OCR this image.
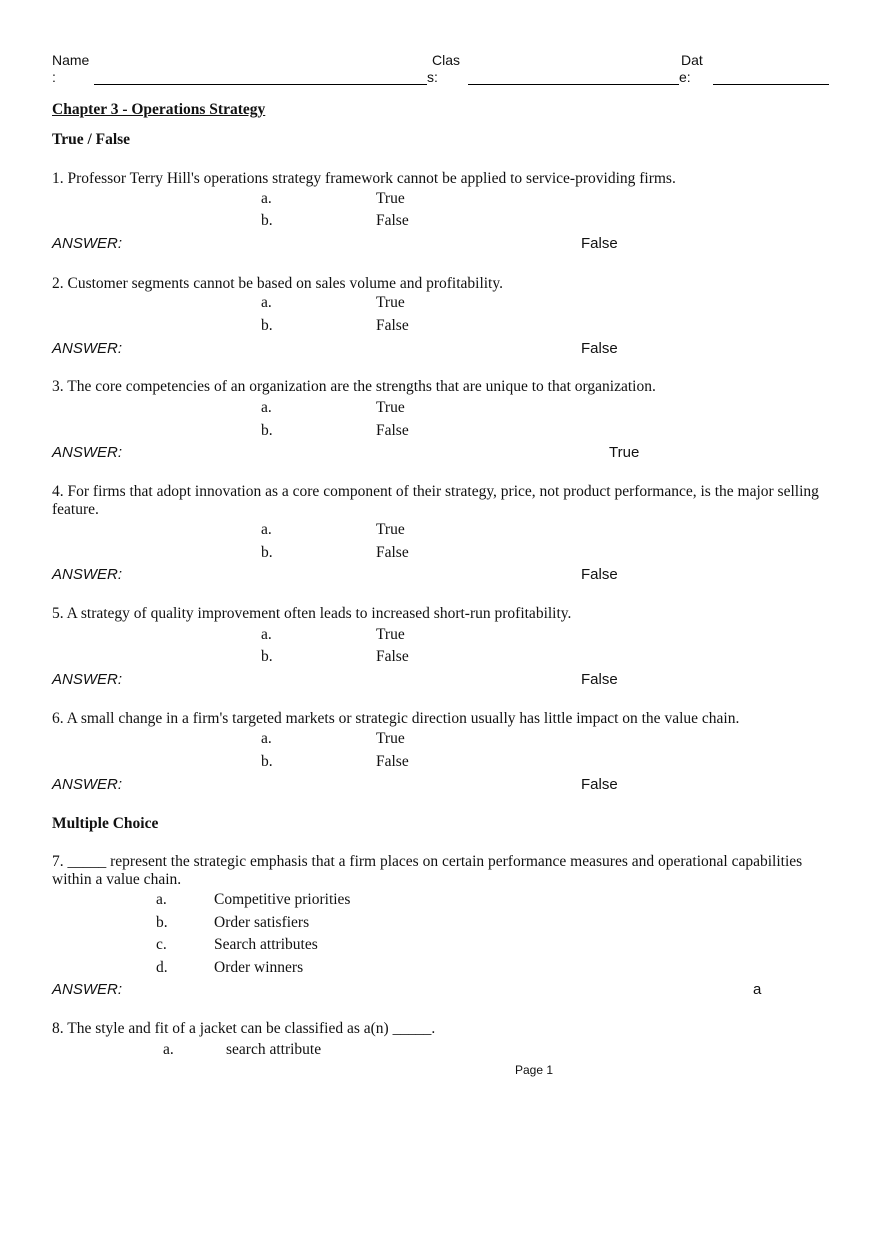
Name
:
Clas
s:
Dat
e:
Chapter 3 - Operations Strategy
True / False
1. Professor Terry Hill's operations strategy framework cannot be applied to service-providing firms.
a.	True
b.	False
ANSWER:	False
2. Customer segments cannot be based on sales volume and profitability.
a.	True
b.	False
ANSWER:	False
3. The core competencies of an organization are the strengths that are unique to that organization.
a.	True
b.	False
ANSWER:	True
4. For firms that adopt innovation as a core component of their strategy, price, not product performance, is the major selling feature.
a.	True
b.	False
ANSWER:	False
5. A strategy of quality improvement often leads to increased short-run profitability.
a.	True
b.	False
ANSWER:	False
6. A small change in a firm's targeted markets or strategic direction usually has little impact on the value chain.
a.	True
b.	False
ANSWER:	False
Multiple Choice
7. _____ represent the strategic emphasis that a firm places on certain performance measures and operational capabilities within a value chain.
a.	Competitive priorities
b.	Order satisfiers
c.	Search attributes
d.	Order winners
ANSWER:	a
8. The style and fit of a jacket can be classified as a(n) _____.
a.	search attribute
Page 1
